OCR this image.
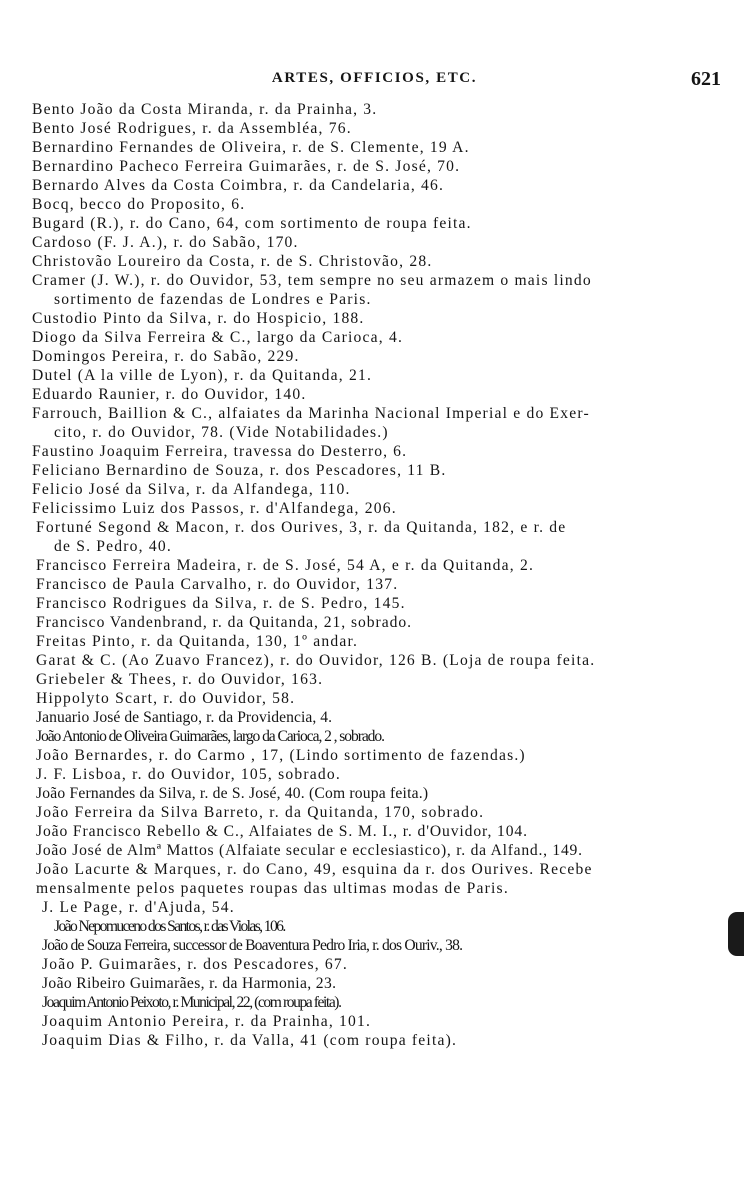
ARTES, OFFICIOS, ETC.	621
Bento João da Costa Miranda, r. da Prainha, 3.
Bento José Rodrigues, r. da Assembléa, 76.
Bernardino Fernandes de Oliveira, r. de S. Clemente, 19 A.
Bernardino Pacheco Ferreira Guimarães, r. de S. José, 70.
Bernardo Alves da Costa Coimbra, r. da Candelaria, 46.
Bocq, becco do Proposito, 6.
Bugard (R.), r. do Cano, 64, com sortimento de roupa feita.
Cardoso (F. J. A.), r. do Sabão, 170.
Christovão Loureiro da Costa, r. de S. Christovão, 28.
Cramer (J. W.), r. do Ouvidor, 53, tem sempre no seu armazem o mais lindo
sortimento de fazendas de Londres e Paris.
Custodio Pinto da Silva, r. do Hospicio, 188.
Diogo da Silva Ferreira & C., largo da Carioca, 4.
Domingos Pereira, r. do Sabão, 229.
Dutel (A la ville de Lyon), r. da Quitanda, 21.
Eduardo Raunier, r. do Ouvidor, 140.
Farrouch, Baillion & C., alfaiates da Marinha Nacional Imperial e do Exer-
cito, r. do Ouvidor, 78. (Vide Notabilidades.)
Faustino Joaquim Ferreira, travessa do Desterro, 6.
Feliciano Bernardino de Souza, r. dos Pescadores, 11 B.
Felicio José da Silva, r. da Alfandega, 110.
Felicissimo Luiz dos Passos, r. d'Alfandega, 206.
Fortuné Segond & Macon, r. dos Ourives, 3, r. da Quitanda, 182, e r. de
de S. Pedro, 40.
Francisco Ferreira Madeira, r. de S. José, 54 A, e r. da Quitanda, 2.
Francisco de Paula Carvalho, r. do Ouvidor, 137.
Francisco Rodrigues da Silva, r. de S. Pedro, 145.
Francisco Vandenbrand, r. da Quitanda, 21, sobrado.
Freitas Pinto, r. da Quitanda, 130, 1º andar.
Garat & C. (Ao Zuavo Francez), r. do Ouvidor, 126 B. (Loja de roupa feita.
Griebeler & Thees, r. do Ouvidor, 163.
Hippolyto Scart, r. do Ouvidor, 58.
Januario José de Santiago, r. da Providencia, 4.
João Antonio de Oliveira Guimarães, largo da Carioca, 2 , sobrado.
João Bernardes, r. do Carmo , 17, (Lindo sortimento de fazendas.)
J. F. Lisboa, r. do Ouvidor, 105, sobrado.
João Fernandes da Silva, r. de S. José, 40. (Com roupa feita.)
João Ferreira da Silva Barreto, r. da Quitanda, 170, sobrado.
João Francisco Rebello & C., Alfaiates de S. M. I., r. d'Ouvidor, 104.
João José de Almª Mattos (Alfaiate secular e ecclesiastico), r. da Alfand., 149.
João Lacurte & Marques, r. do Cano, 49, esquina da r. dos Ourives. Recebe
mensalmente pelos paquetes roupas das ultimas modas de Paris.
J. Le Page, r. d'Ajuda, 54.
João Nepomuceno dos Santos, r. das Violas, 106.
João de Souza Ferreira, successor de Boaventura Pedro Iria, r. dos Ouriv., 38.
João P. Guimarães, r. dos Pescadores, 67.
João Ribeiro Guimarães, r. da Harmonia, 23.
Joaquim Antonio Peixoto, r. Municipal, 22, (com roupa feita).
Joaquim Antonio Pereira, r. da Prainha, 101.
Joaquim Dias & Filho, r. da Valla, 41 (com roupa feita).
